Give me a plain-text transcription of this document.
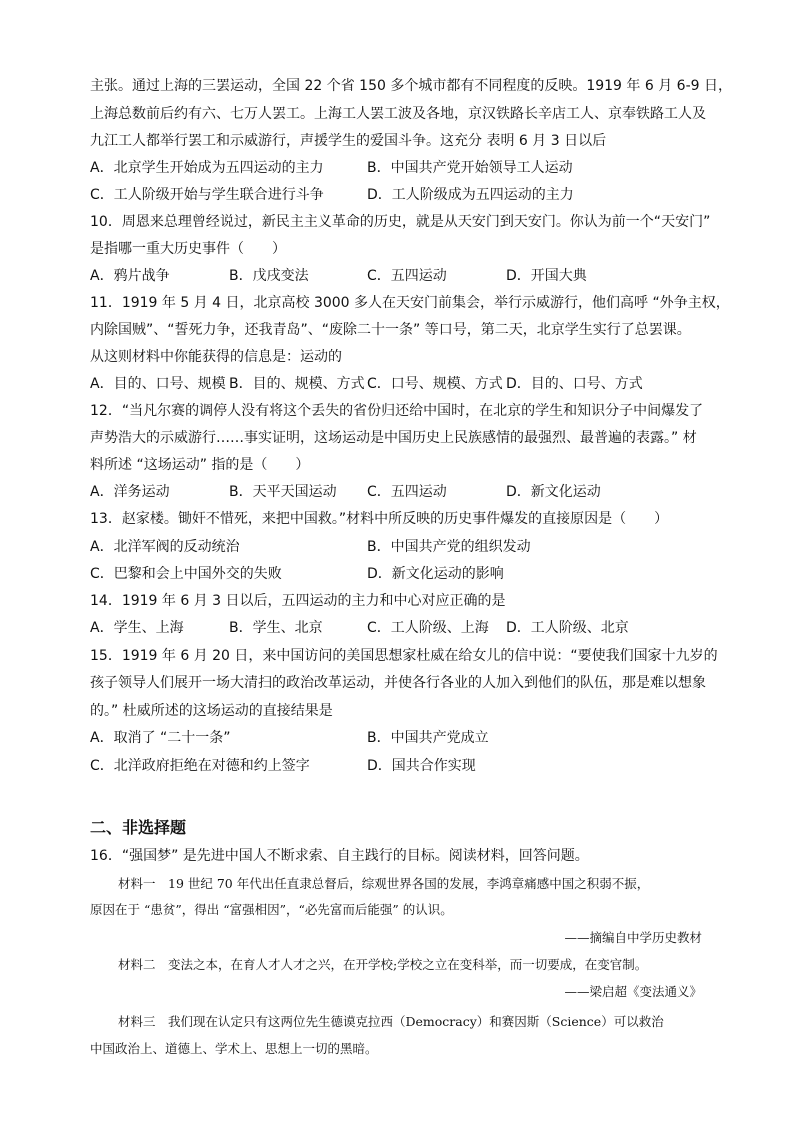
主张。通过上海的三罢运动，全国 22 个省 150 多个城市都有不同程度的反映。1919 年 6 月 6-9 日，
上海总数前后约有六、七万人罢工。上海工人罢工波及各地，京汉铁路长辛店工人、京奉铁路工人及
九江工人都举行罢工和示威游行，声援学生的爱国斗争。这充分 表明 6 月 3 日以后
A．北京学生开始成为五四运动的主力	B．中国共产党开始领导工人运动
C．工人阶级开始与学生联合进行斗争	D．工人阶级成为五四运动的主力
10．周恩来总理曾经说过，新民主主义革命的历史，就是从天安门到天安门。你认为前一个“天安门”
是指哪一重大历史事件（　　）
A．鸦片战争	B．戊戌变法	C．五四运动	D．开国大典
11．1919 年 5 月 4 日，北京高校 3000 多人在天安门前集会，举行示威游行，他们高呼 “外争主权，
内除国贼”、“誓死力争，还我青岛”、“废除二十一条” 等口号，第二天，北京学生实行了总罢课。
从这则材料中你能获得的信息是：运动的
A．目的、口号、规模 B．目的、规模、方式 C．口号、规模、方式 D．目的、口号、方式
12．“当凡尔赛的调停人没有将这个丢失的省份归还给中国时，在北京的学生和知识分子中间爆发了
声势浩大的示威游行……事实证明，这场运动是中国历史上民族感情的最强烈、最普遍的表露。” 材
料所述 “这场运动” 指的是（　　）
A．洋务运动	B．天平天国运动 C．五四运动	D．新文化运动
13．赵家楼。锄奸不惜死，来把中国救。”材料中所反映的历史事件爆发的直接原因是（　　）
A．北洋军阀的反动统治	B．中国共产党的组织发动
C．巴黎和会上中国外交的失败	D．新文化运动的影响
14．1919 年 6 月 3 日以后，五四运动的主力和中心对应正确的是
A．学生、上海	B．学生、北京	C．工人阶级、上海 D．工人阶级、北京
15．1919 年 6 月 20 日，来中国访问的美国思想家杜威在给女儿的信中说：“要使我们国家十九岁的
孩子领导人们展开一场大清扫的政治改革运动，并使各行各业的人加入到他们的队伍，那是难以想象
的。” 杜威所述的这场运动的直接结果是
A．取消了 “二十一条”	B．中国共产党成立
C．北洋政府拒绝在对德和约上签字	D．国共合作实现
二、非选择题
16．“强国梦” 是先进中国人不断求索、自主践行的目标。阅读材料，回答问题。
材料一　19 世纪 70 年代出任直隶总督后，综观世界各国的发展，李鸿章痛感中国之积弱不振，
原因在于 “患贫”，得出 “富强相因”，“必先富而后能强” 的认识。
——摘编自中学历史教材
材料二　变法之本，在育人才人才之兴，在开学校;学校之立在变科举，而一切要成，在变官制。
——梁启超《变法通义》
材料三　我们现在认定只有这两位先生德谟克拉西（Democracy）和赛因斯（Science）可以救治
中国政治上、道德上、学术上、思想上一切的黑暗。
